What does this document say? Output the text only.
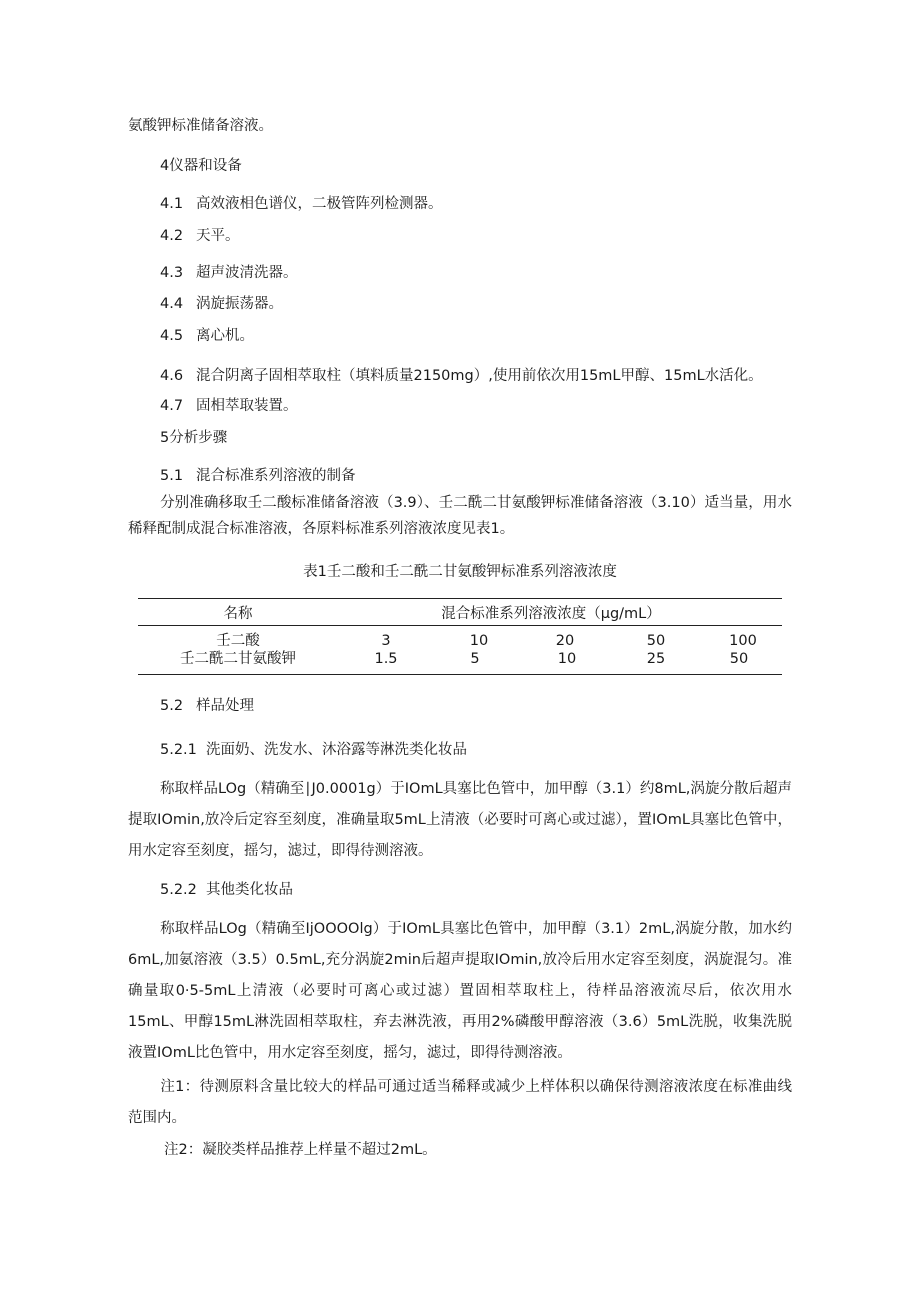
氨酸钾标准储备溶液。
4仪器和设备
4.1 高效液相色谱仪，二极管阵列检测器。
4.2 天平。
4.3 超声波清洗器。
4.4 涡旋振荡器。
4.5 离心机。
4.6 混合阴离子固相萃取柱（填料质量2150mg）,使用前依次用15mL甲醇、15mL水活化。
4.7 固相萃取装置。
5分析步骤
5.1 混合标准系列溶液的制备
分别准确移取壬二酸标准储备溶液（3.9）、壬二酰二甘氨酸钾标准储备溶液（3.10）适当量，用水稀释配制成混合标准溶液，各原料标准系列溶液浓度见表1。
表1壬二酸和壬二酰二甘氨酸钾标准系列溶液浓度
名称	混合标准系列溶液浓度（μg∕mL）
壬二酸	3	10	20	50	100
壬二酰二甘氨酸钾	1.5	5	10	25	50
5.2 样品处理
5.2.1 洗面奶、洗发水、沐浴露等淋洗类化妆品
称取样品LOg（精确至∣J0.0001g）于IOmL具塞比色管中，加甲醇（3.1）约8mL,涡旋分散后超声提取IOmin,放冷后定容至刻度，准确量取5mL上清液（必要时可离心或过滤），置IOmL具塞比色管中，用水定容至刻度，摇匀，滤过，即得待测溶液。
5.2.2 其他类化妆品
称取样品LOg（精确至IjOOOOlg）于IOmL具塞比色管中，加甲醇（3.1）2mL,涡旋分散，加水约6mL,加氨溶液（3.5）0.5mL,充分涡旋2min后超声提取IOmin,放冷后用水定容至刻度，涡旋混匀。准确量取0·5-5mL上清液（必要时可离心或过滤）置固相萃取柱上，待样品溶液流尽后，依次用水15mL、甲醇15mL淋洗固相萃取柱，弃去淋洗液，再用2%磷酸甲醇溶液（3.6）5mL洗脱，收集洗脱液置IOmL比色管中，用水定容至刻度，摇匀，滤过，即得待测溶液。
注1：待测原料含量比较大的样品可通过适当稀释或减少上样体积以确保待测溶液浓度在标准曲线范围内。
注2：凝胶类样品推荐上样量不超过2mL。
